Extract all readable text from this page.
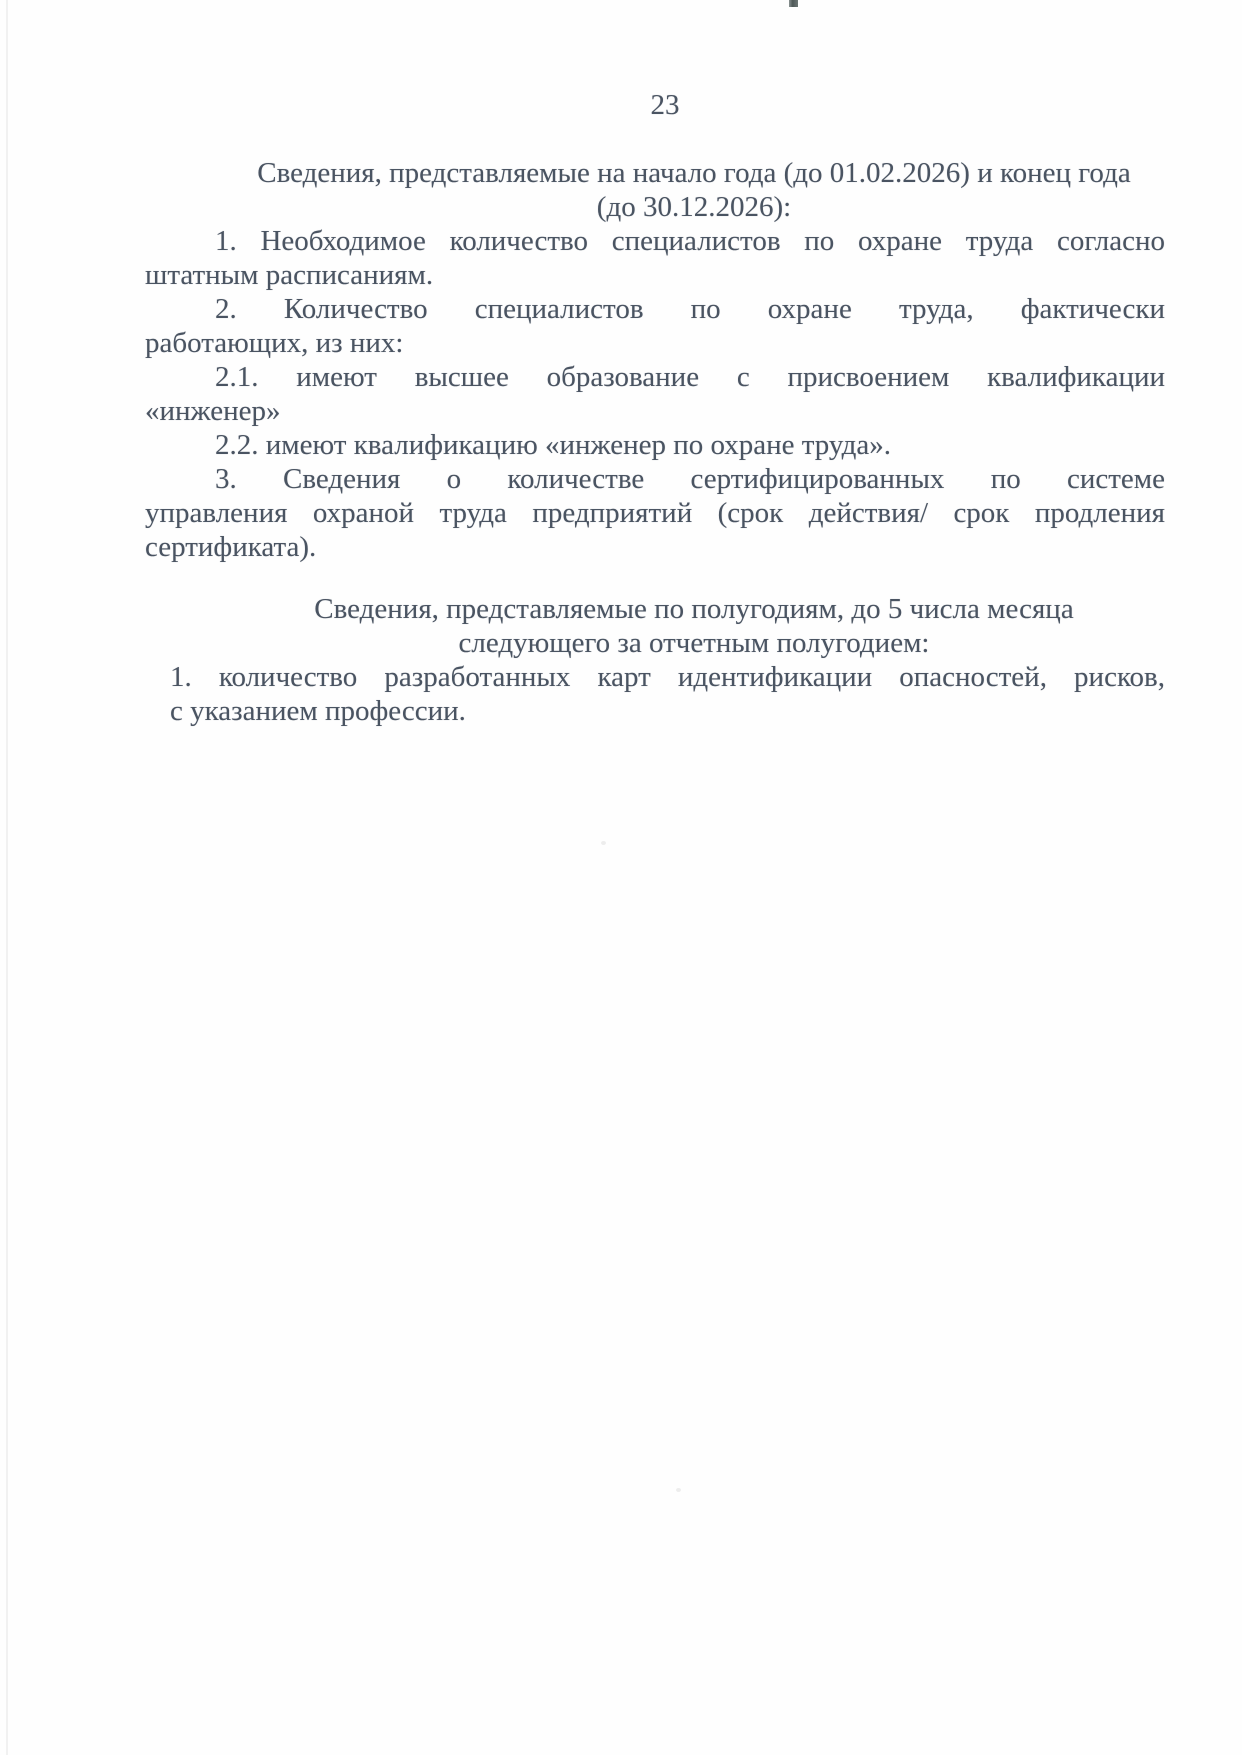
23
Сведения, представляемые на начало года (до 01.02.2026) и конец года
(до 30.12.2026):
1. Необходимое количество специалистов по охране труда согласно
штатным расписаниям.
2. Количество специалистов по охране труда, фактически
работающих, из них:
2.1. имеют высшее образование с присвоением квалификации
«инженер»
2.2. имеют квалификацию «инженер по охране труда».
3. Сведения о количестве сертифицированных по системе
управления охраной труда предприятий (срок действия/ срок продления
сертификата).
Сведения, представляемые по полугодиям, до 5 числа месяца
следующего за отчетным полугодием:
1. количество разработанных карт идентификации опасностей, рисков,
с указанием профессии.
